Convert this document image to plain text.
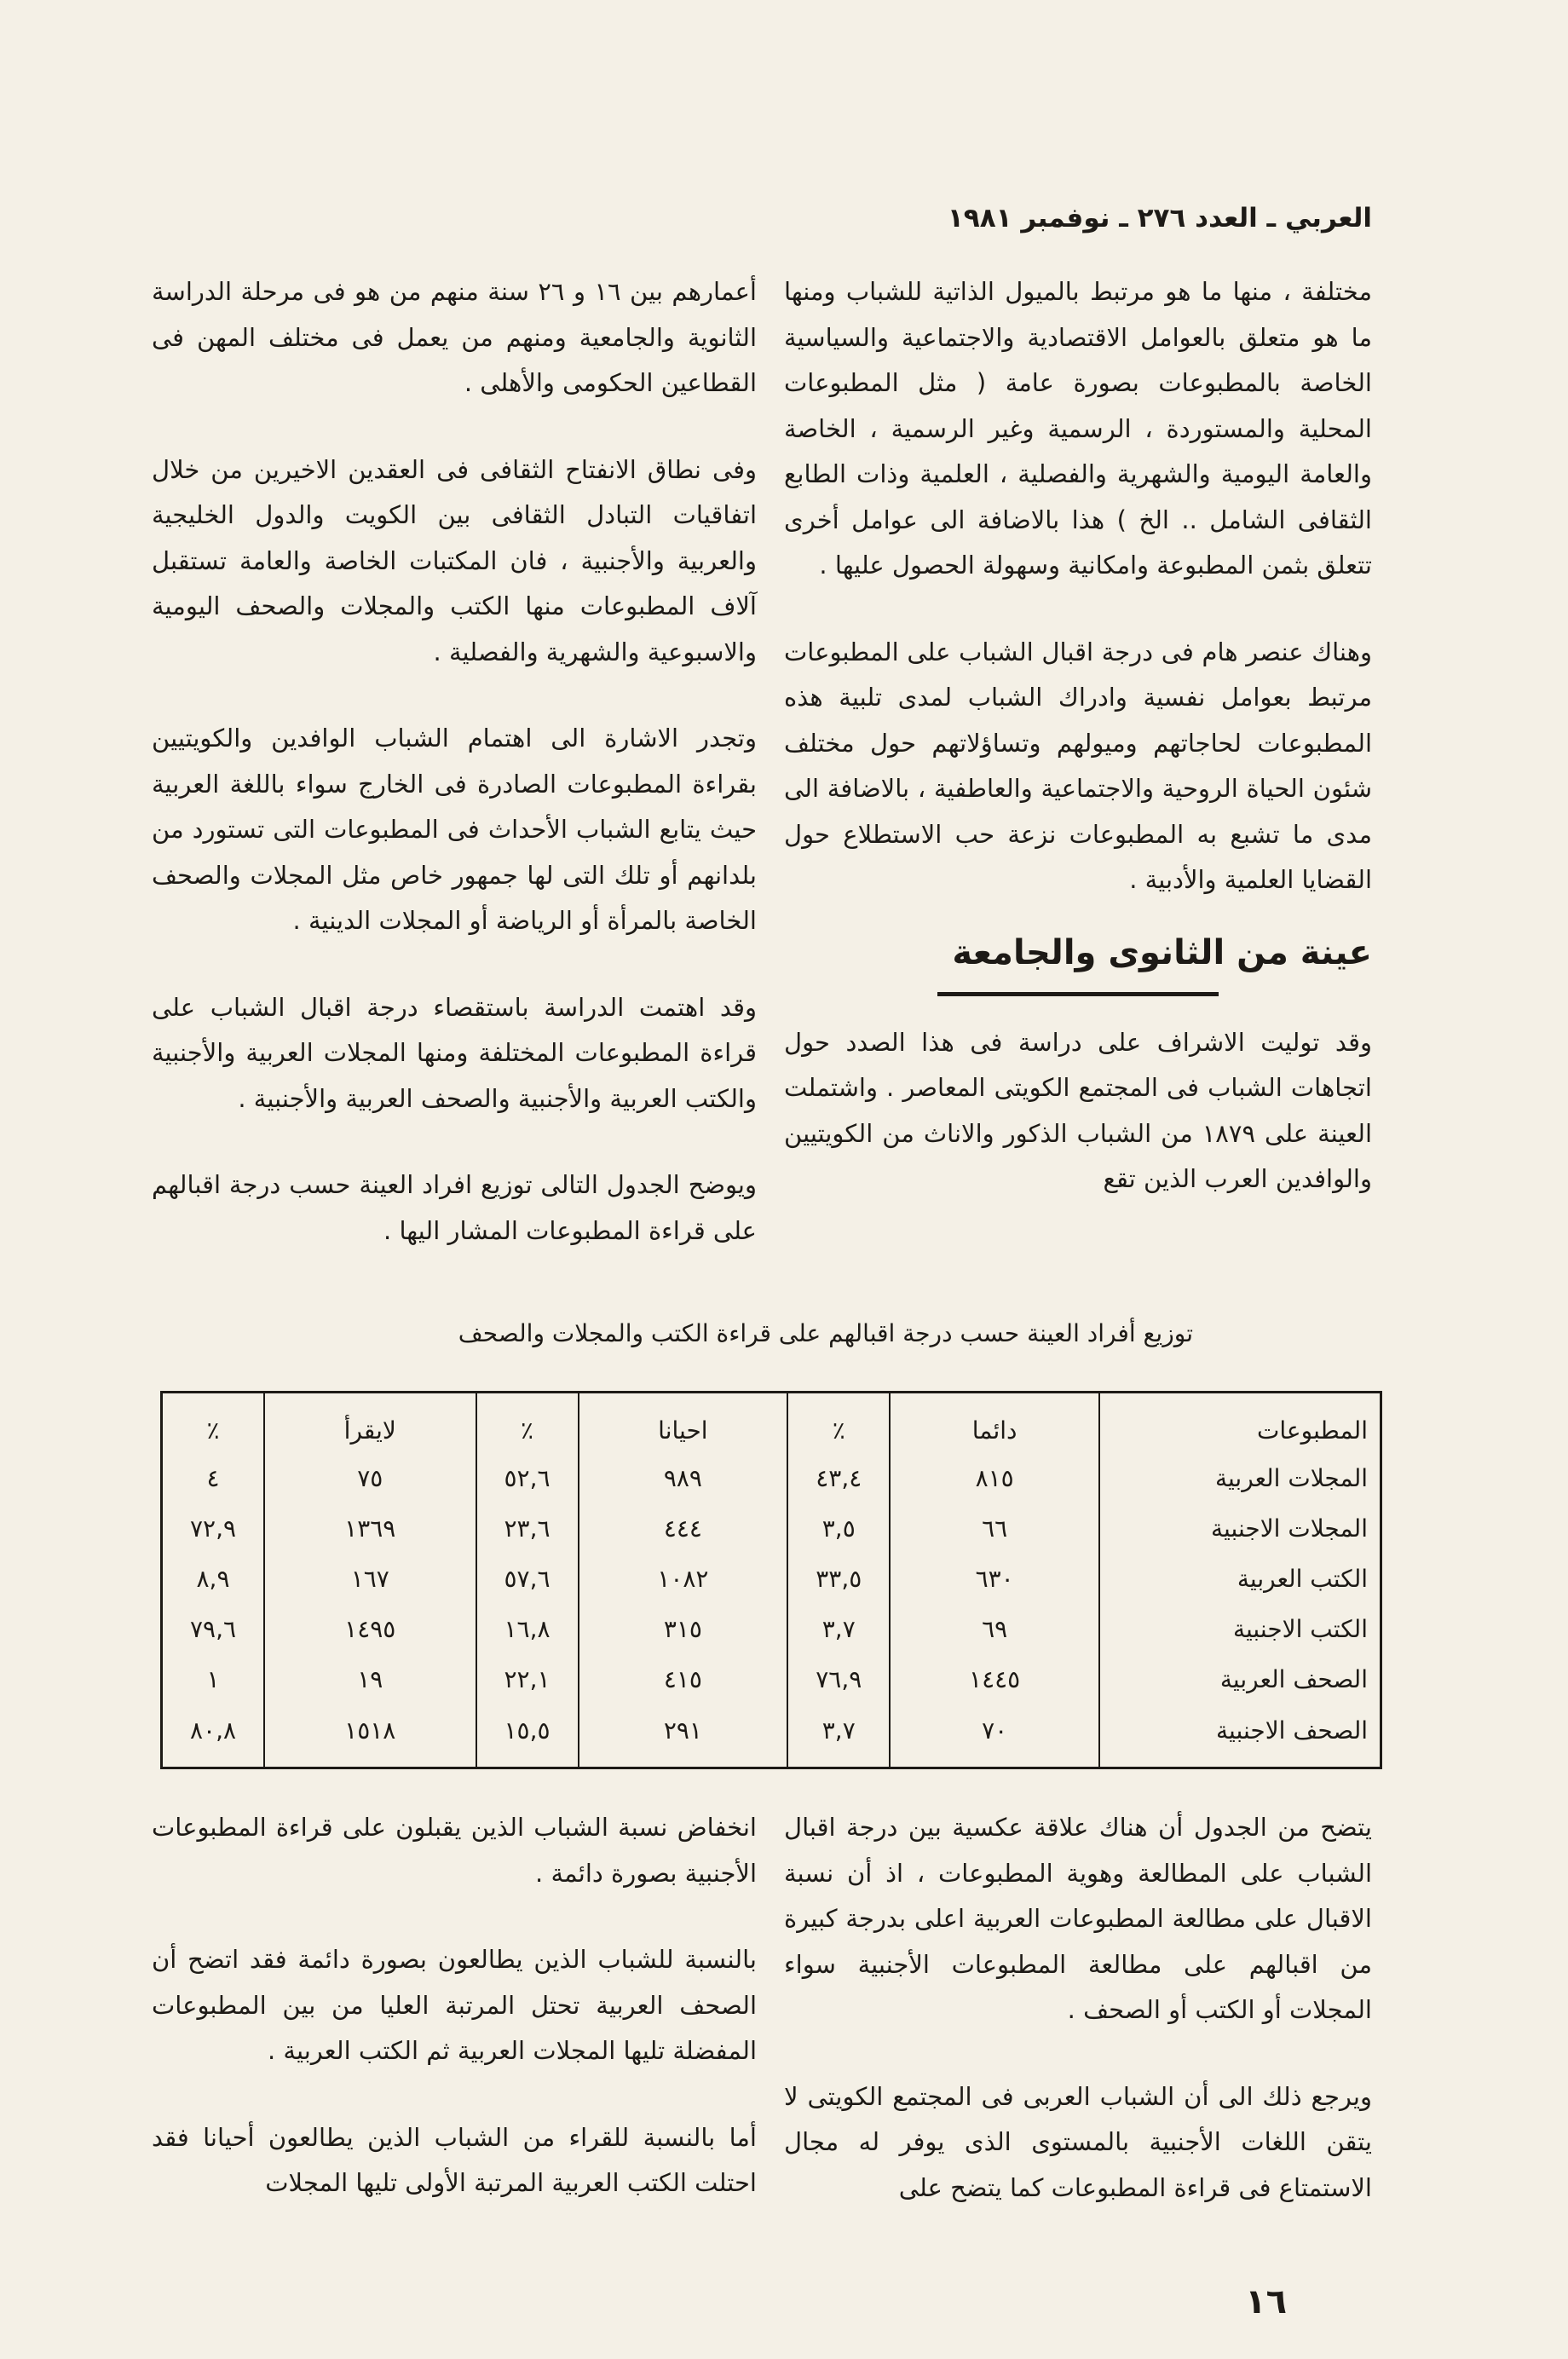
العربي ـ العدد ٢٧٦ ـ نوفمبر ١٩٨١

مختلفة ، منها ما هو مرتبط بالميول الذاتية للشباب ومنها ما هو متعلق بالعوامل الاقتصادية والاجتماعية والسياسية الخاصة بالمطبوعات بصورة عامة ( مثل المطبوعات المحلية والمستوردة ، الرسمية وغير الرسمية ، الخاصة والعامة اليومية والشهرية والفصلية ، العلمية وذات الطابع الثقافى الشامل .. الخ ) هذا بالاضافة الى عوامل أخرى تتعلق بثمن المطبوعة وامكانية وسهولة الحصول عليها .

وهناك عنصر هام فى درجة اقبال الشباب على المطبوعات مرتبط بعوامل نفسية وادراك الشباب لمدى تلبية هذه المطبوعات لحاجاتهم وميولهم وتساؤلاتهم حول مختلف شئون الحياة الروحية والاجتماعية والعاطفية ، بالاضافة الى مدى ما تشبع به المطبوعات نزعة حب الاستطلاع حول القضايا العلمية والأدبية .

عينة من الثانوى والجامعة

وقد توليت الاشراف على دراسة فى هذا الصدد حول اتجاهات الشباب فى المجتمع الكويتى المعاصر . واشتملت العينة على ١٨٧٩ من الشباب الذكور والاناث من الكويتيين والوافدين العرب الذين تقع

أعمارهم بين ١٦ و ٢٦ سنة منهم من هو فى مرحلة الدراسة الثانوية والجامعية ومنهم من يعمل فى مختلف المهن فى القطاعين الحكومى والأهلى .

وفى نطاق الانفتاح الثقافى فى العقدين الاخيرين من خلال اتفاقيات التبادل الثقافى بين الكويت والدول الخليجية والعربية والأجنبية ، فان المكتبات الخاصة والعامة تستقبل آلاف المطبوعات منها الكتب والمجلات والصحف اليومية والاسبوعية والشهرية والفصلية .

وتجدر الاشارة الى اهتمام الشباب الوافدين والكويتيين بقراءة المطبوعات الصادرة فى الخارج سواء باللغة العربية حيث يتابع الشباب الأحداث فى المطبوعات التى تستورد من بلدانهم أو تلك التى لها جمهور خاص مثل المجلات والصحف الخاصة بالمرأة أو الرياضة أو المجلات الدينية .

وقد اهتمت الدراسة باستقصاء درجة اقبال الشباب على قراءة المطبوعات المختلفة ومنها المجلات العربية والأجنبية والكتب العربية والأجنبية والصحف العربية والأجنبية .

ويوضح الجدول التالى توزيع افراد العينة حسب درجة اقبالهم على قراءة المطبوعات المشار اليها .

توزيع أفراد العينة حسب درجة اقبالهم على قراءة الكتب والمجلات والصحف
المطبوعات	دائما	٪	احيانا	٪	لايقرأ	٪
المجلات العربية	٨١٥	٤٣,٤	٩٨٩	٥٢,٦	٧٥	٤
المجلات الاجنبية	٦٦	٣,٥	٤٤٤	٢٣,٦	١٣٦٩	٧٢,٩
الكتب العربية	٦٣٠	٣٣,٥	١٠٨٢	٥٧,٦	١٦٧	٨,٩
الكتب الاجنبية	٦٩	٣,٧	٣١٥	١٦,٨	١٤٩٥	٧٩,٦
الصحف العربية	١٤٤٥	٧٦,٩	٤١٥	٢٢,١	١٩	١
الصحف الاجنبية	٧٠	٣,٧	٢٩١	١٥,٥	١٥١٨	٨٠,٨

يتضح من الجدول أن هناك علاقة عكسية بين درجة اقبال الشباب على المطالعة وهوية المطبوعات ، اذ أن نسبة الاقبال على مطالعة المطبوعات العربية اعلى بدرجة كبيرة من اقبالهم على مطالعة المطبوعات الأجنبية سواء المجلات أو الكتب أو الصحف .

ويرجع ذلك الى أن الشباب العربى فى المجتمع الكويتى لا يتقن اللغات الأجنبية بالمستوى الذى يوفر له مجال الاستمتاع فى قراءة المطبوعات كما يتضح على

انخفاض نسبة الشباب الذين يقبلون على قراءة المطبوعات الأجنبية بصورة دائمة .

بالنسبة للشباب الذين يطالعون بصورة دائمة فقد اتضح أن الصحف العربية تحتل المرتبة العليا من بين المطبوعات المفضلة تليها المجلات العربية ثم الكتب العربية .

أما بالنسبة للقراء من الشباب الذين يطالعون أحيانا فقد احتلت الكتب العربية المرتبة الأولى تليها المجلات

١٦
